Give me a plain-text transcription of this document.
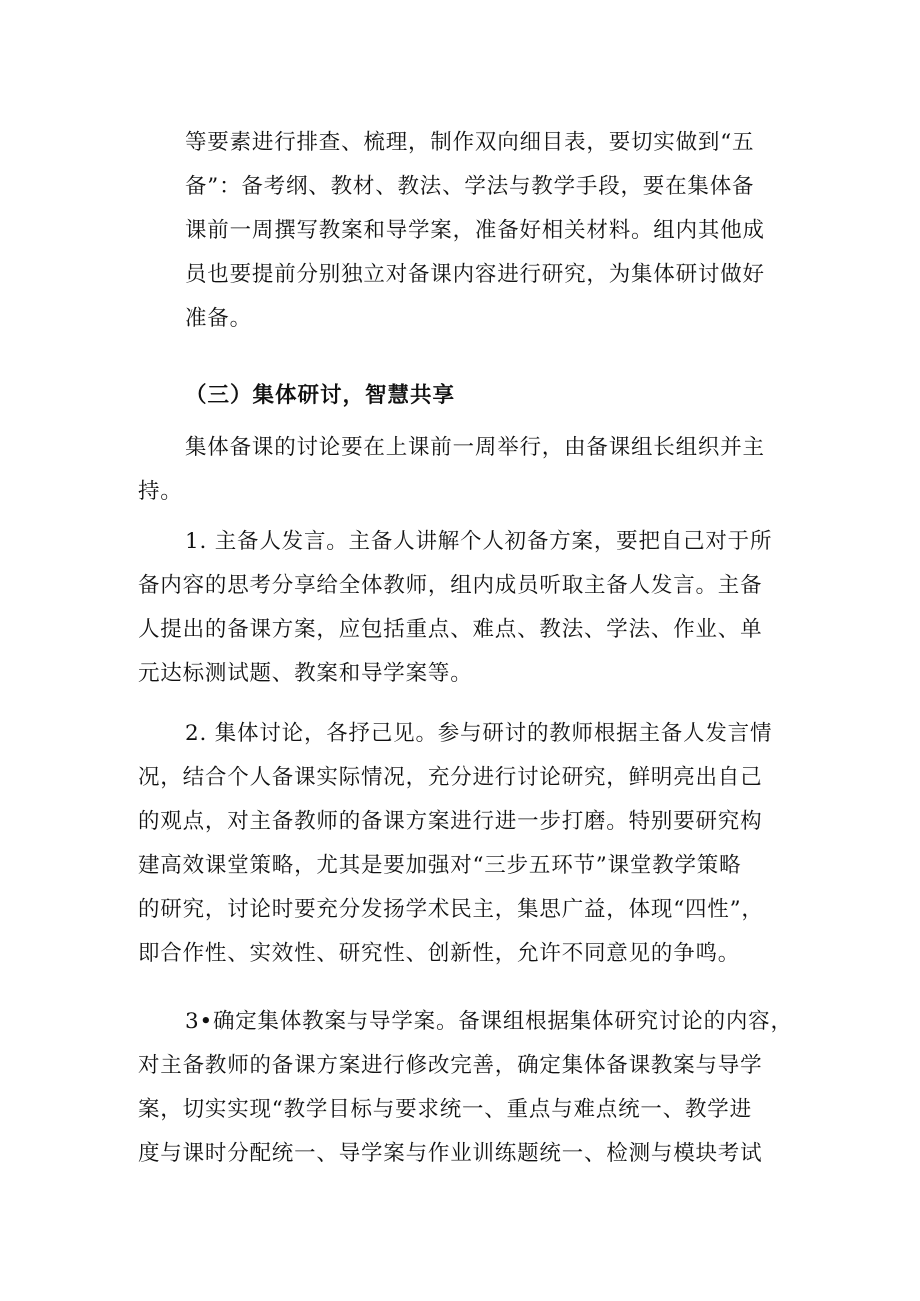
等要素进行排查、梳理，制作双向细目表，要切实做到“五
备”：备考纲、教材、教法、学法与教学手段，要在集体备
课前一周撰写教案和导学案，准备好相关材料。组内其他成
员也要提前分别独立对备课内容进行研究，为集体研讨做好
准备。
（三）集体研讨，智慧共享
集体备课的讨论要在上课前一周举行，由备课组长组织并主
持。
1. 主备人发言。主备人讲解个人初备方案，要把自己对于所
备内容的思考分享给全体教师，组内成员听取主备人发言。主备
人提出的备课方案，应包括重点、难点、教法、学法、作业、单
元达标测试题、教案和导学案等。
2. 集体讨论，各抒己见。参与研讨的教师根据主备人发言情
况，结合个人备课实际情况，充分进行讨论研究，鲜明亮出自己
的观点，对主备教师的备课方案进行进一步打磨。特别要研究构
建高效课堂策略，尤其是要加强对“三步五环节”课堂教学策略
的研究，讨论时要充分发扬学术民主，集思广益，体现“四性”，
即合作性、实效性、研究性、创新性，允许不同意见的争鸣。
3•确定集体教案与导学案。备课组根据集体研究讨论的内容，
对主备教师的备课方案进行修改完善，确定集体备课教案与导学
案，切实实现“教学目标与要求统一、重点与难点统一、教学进
度与课时分配统一、导学案与作业训练题统一、检测与模块考试
